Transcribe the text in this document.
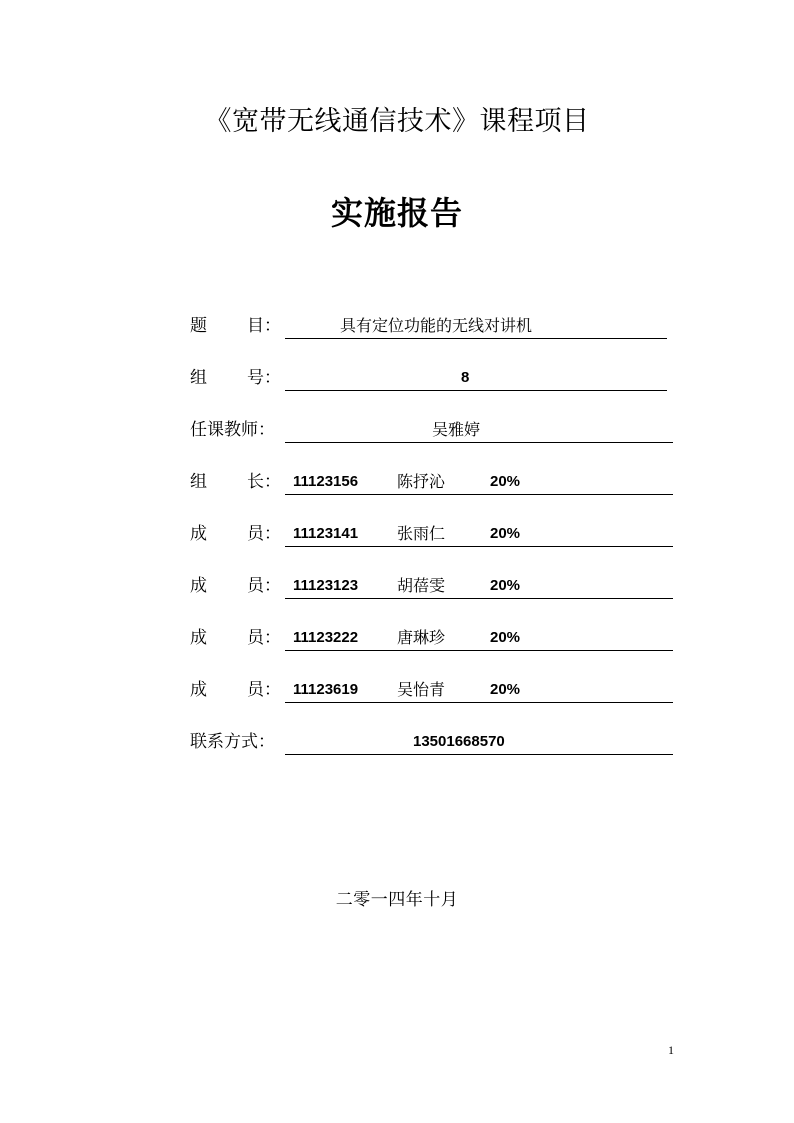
《宽带无线通信技术》课程项目
实施报告
题 目：	具有定位功能的无线对讲机
组 号：	8
任课教师：	吴雅婷
组 长： 11123156 陈抒沁	20%
成 员： 11123141 张雨仁	20%
成 员： 11123123 胡蓓雯	20%
成 员： 11123222 唐琳珍	20%
成 员： 11123619 吴怡青	20%
联系方式：	13501668570
二零一四年十月
1
